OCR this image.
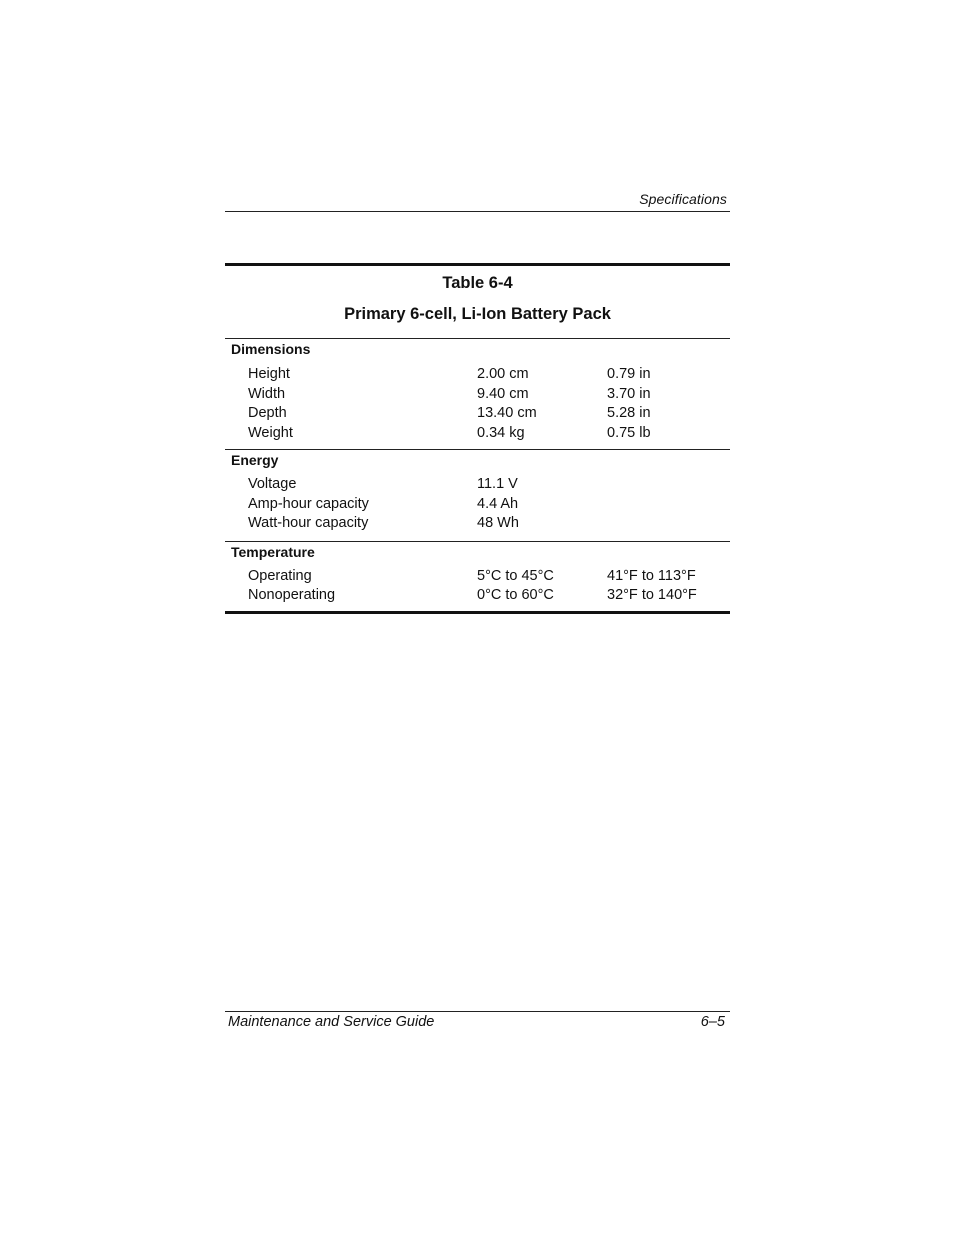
Specifications
Table 6-4
Primary 6-cell, Li-Ion Battery Pack
Dimensions
Height	2.00 cm	0.79 in
Width	9.40 cm	3.70 in
Depth	13.40 cm	5.28 in
Weight	0.34 kg	0.75 lb
Energy
Voltage	11.1 V
Amp-hour capacity	4.4 Ah
Watt-hour capacity	48 Wh
Temperature
Operating	5°C to 45°C	41°F to 113°F
Nonoperating	0°C to 60°C	32°F to 140°F
Maintenance and Service Guide	6–5
